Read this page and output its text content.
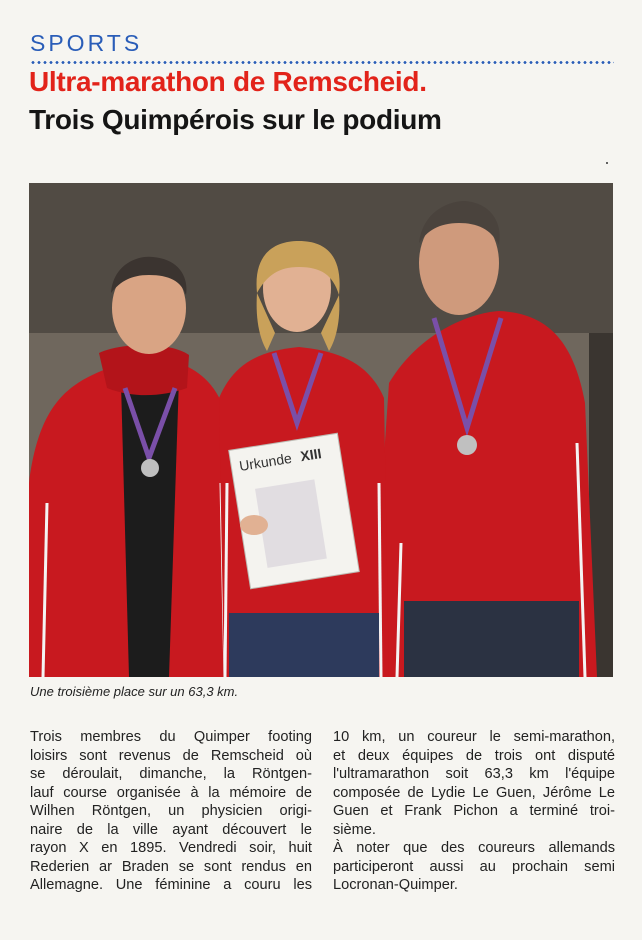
SPORTS
Ultra-marathon de Remscheid.
Trois Quimpérois sur le podium
Urkunde XIII
Une troisième place sur un 63,3 km.
Trois membres du Quimper footing
loisirs sont revenus de Remscheid où
se déroulait, dimanche, la Röntgen-
lauf course organisée à la mémoire de
Wilhen Röntgen, un physicien origi-
naire de la ville ayant découvert le
rayon X en 1895. Vendredi soir, huit
Rederien ar Braden se sont rendus en
Allemagne. Une féminine a couru les
10 km, un coureur le semi-marathon,
et deux équipes de trois ont disputé
l'ultramarathon soit 63,3 km l'équipe
composée de Lydie Le Guen, Jérôme Le
Guen et Frank Pichon a terminé troi-
sième.
À noter que des coureurs allemands
participeront aussi au prochain semi
Locronan-Quimper.
